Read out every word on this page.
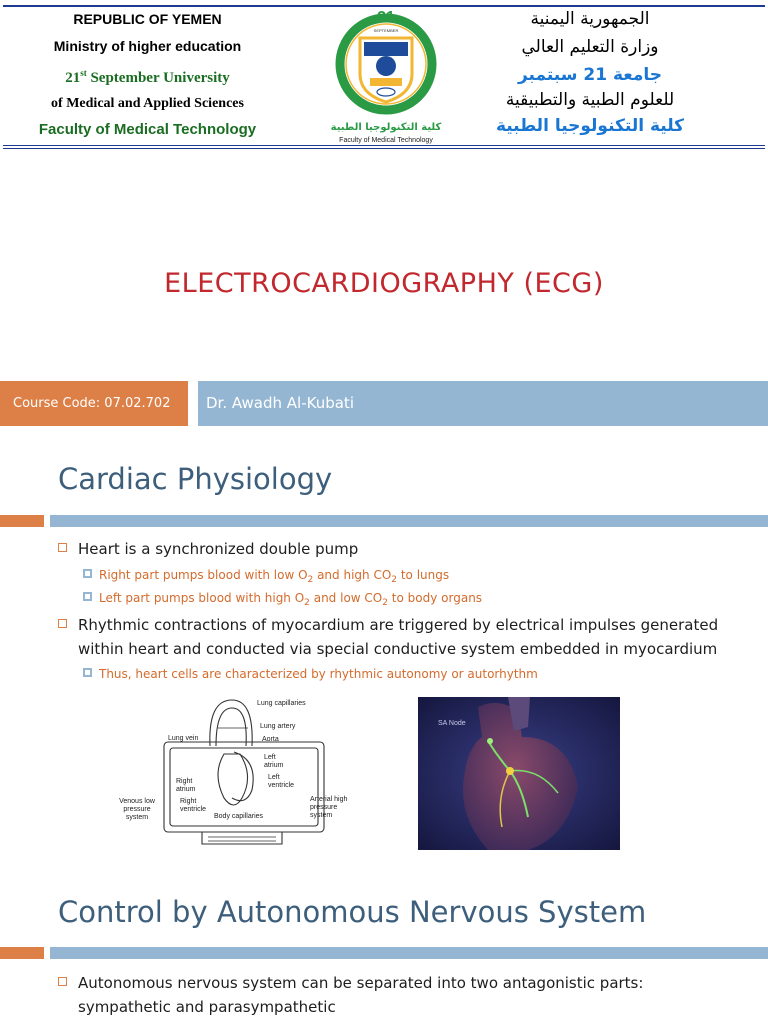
REPUBLIC OF YEMEN
Ministry of higher education
21st September University
of Medical and Applied Sciences
Faculty of Medical Technology
21
SEPTEMBER
كلية التكنولوجيا الطبية
Faculty of Medical Technology
الجمهورية اليمنية
وزارة التعليم العالي
جامعة 21 سبتمبر
للعلوم الطبية والتطبيقية
كلية التكنولوجيا الطبية
ELECTROCARDIOGRAPHY (ECG)
Course Code: 07.02.702	Dr. Awadh Al-Kubati
Cardiac Physiology
Heart is a synchronized double pump
Right part pumps blood with low $O_2$ and high $CO_2$ to lungs
Left part pumps blood with high $O_2$ and low $CO_2$ to body organs
Rhythmic contractions of myocardium are triggered by electrical impulses generated
within heart and conducted via special conductive system embedded in myocardium
Thus, heart cells are characterized by rhythmic autonomy or autorhythm
Lung capillaries
Lung artery
Aorta
Lung vein
Left atrium
Left ventricle
Right atrium
Right ventricle
Body capillaries
Venous low pressure system
Arterial high pressure system
SA Node
Control by Autonomous Nervous System
Autonomous nervous system can be separated into two antagonistic parts:
sympathetic and parasympathetic
